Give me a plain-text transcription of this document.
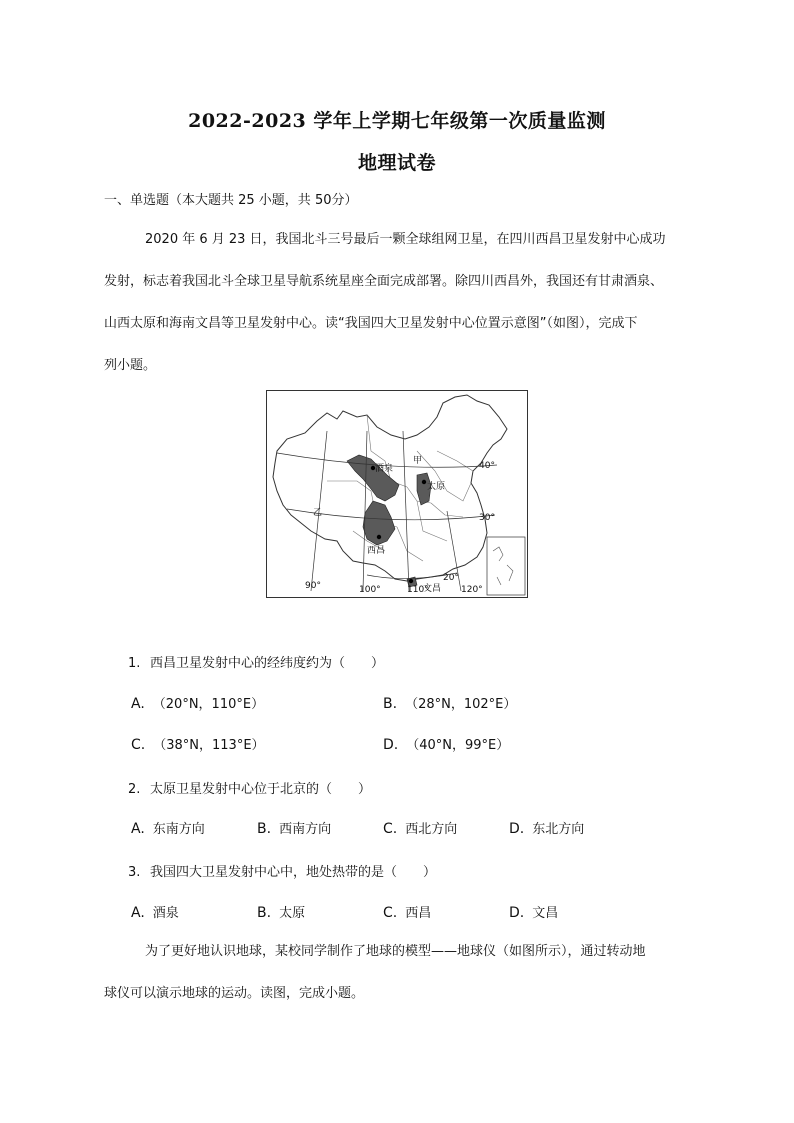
2022-2023 学年上学期七年级第一次质量监测
地理试卷
一、单选题（本大题共 25 小题，共 50分）
2020 年 6 月 23 日，我国北斗三号最后一颗全球组网卫星，在四川西昌卫星发射中心成功
发射，标志着我国北斗全球卫星导航系统星座全面完成部署。除四川西昌外，我国还有甘肃酒泉、
山西太原和海南文昌等卫星发射中心。读“我国四大卫星发射中心位置示意图”（如图），完成下
列小题。
酒泉
太原
西昌
文昌
甲
乙
40°
30°
20°
90°	100°	110°	120°
1. 西昌卫星发射中心的经纬度约为（　　）
A. （20°N，110°E）	B. （28°N，102°E）
C. （38°N，113°E）	D. （40°N，99°E）
2. 太原卫星发射中心位于北京的（　　）
A. 东南方向	B. 西南方向	C. 西北方向	D. 东北方向
3. 我国四大卫星发射中心中，地处热带的是（　　）
A. 酒泉	B. 太原	C. 西昌	D. 文昌
为了更好地认识地球，某校同学制作了地球的模型——地球仪（如图所示），通过转动地
球仪可以演示地球的运动。读图，完成小题。
